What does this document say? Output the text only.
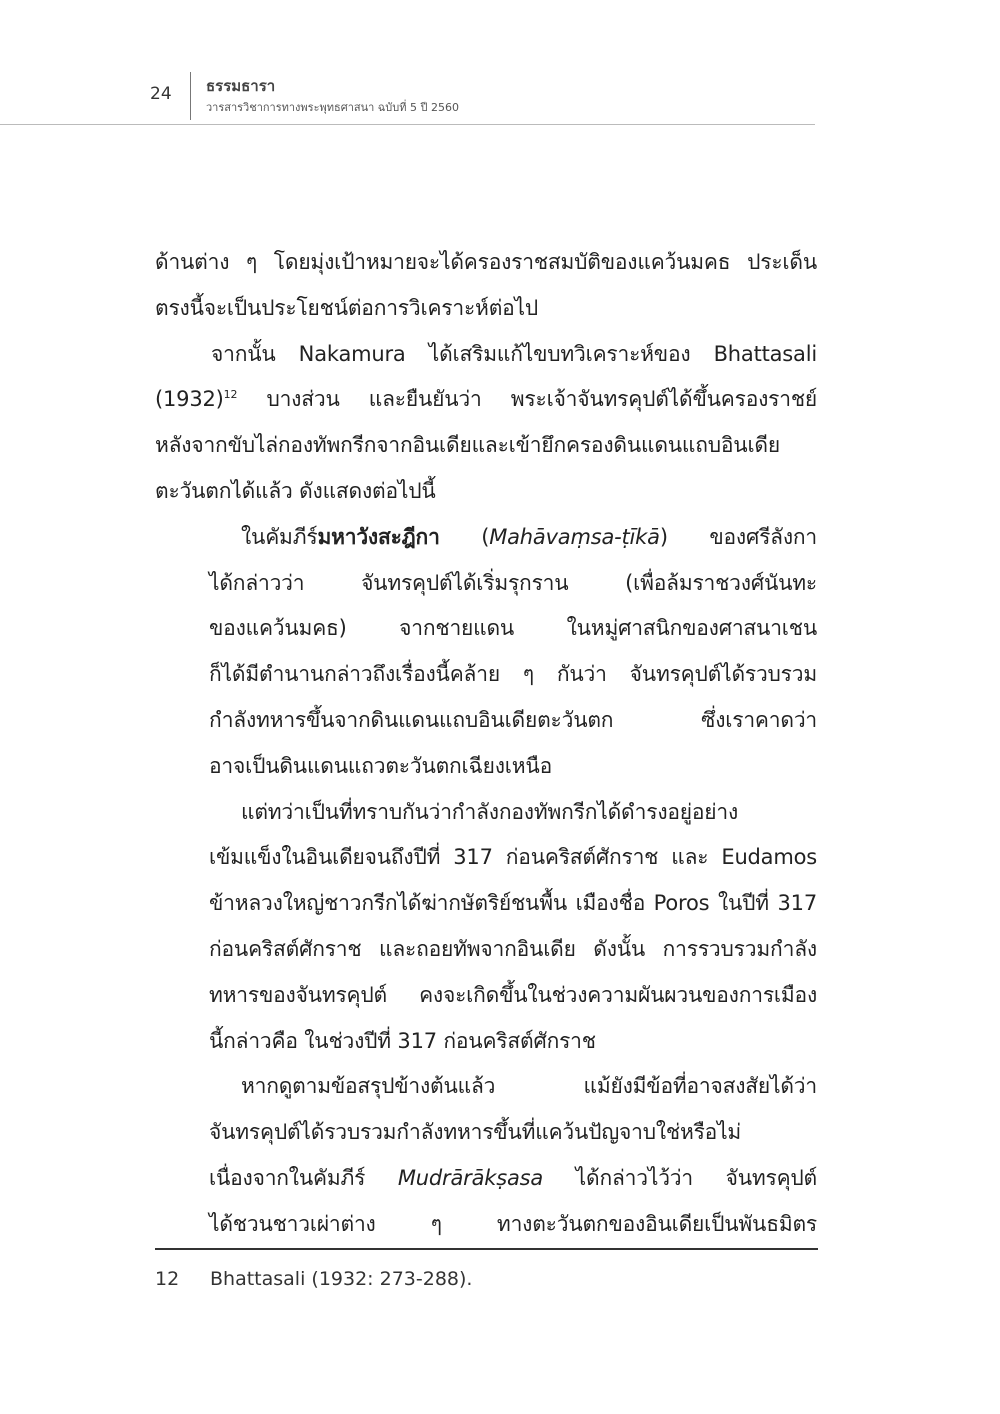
24 ธรรมธารา
วารสารวิชาการทางพระพุทธศาสนา ฉบับที่ 5 ปี 2560
ด้านต่าง ๆ โดยมุ่งเป้าหมายจะได้ครองราชสมบัติของแคว้นมคธ ประเด็น
ตรงนี้จะเป็นประโยชน์ต่อการวิเคราะห์ต่อไป
จากนั้น Nakamura ได้เสริมแก้ไขบทวิเคราะห์ของ Bhattasali
$(1932)^{12}$ บางส่วน และยืนยันว่า พระเจ้าจันทรคุปต์ได้ขึ้นครองราชย์
หลังจากขับไล่กองทัพกรีกจากอินเดียและเข้ายึกครองดินแดนแถบอินเดีย
ตะวันตกได้แล้ว ดังแสดงต่อไปนี้
ในคัมภีร์มหาวังสะฎีกา (Mahāvaṃsa-ṭīkā) ของศรีลังกา
ได้กล่าวว่า จันทรคุปต์ได้เริ่มรุกราน (เพื่อล้มราชวงศ์นันทะ
ของแคว้นมคธ) จากชายแดน ในหมู่ศาสนิกของศาสนาเชน
ก็ได้มีตำนานกล่าวถึงเรื่องนี้คล้าย ๆ กันว่า จันทรคุปต์ได้รวบรวม
กำลังทหารขึ้นจากดินแดนแถบอินเดียตะวันตก ซึ่งเราคาดว่า
อาจเป็นดินแดนแถวตะวันตกเฉียงเหนือ
แต่ทว่าเป็นที่ทราบกันว่ากำลังกองทัพกรีกได้ดำรงอยู่อย่าง
เข้มแข็งในอินเดียจนถึงปีที่ 317 ก่อนคริสต์ศักราช และ Eudamos
ข้าหลวงใหญ่ชาวกรีกได้ฆ่ากษัตริย์ชนพื้น เมืองชื่อ Poros ในปีที่ 317
ก่อนคริสต์ศักราช และถอยทัพจากอินเดีย ดังนั้น การรวบรวมกำลัง
ทหารของจันทรคุปต์ คงจะเกิดขึ้นในช่วงความผันผวนของการเมือง
นี้กล่าวคือ ในช่วงปีที่ 317 ก่อนคริสต์ศักราช
หากดูตามข้อสรุปข้างต้นแล้ว แม้ยังมีข้อที่อาจสงสัยได้ว่า
จันทรคุปต์ได้รวบรวมกำลังทหารขึ้นที่แคว้นปัญจาบใช่หรือไม่
เนื่องจากในคัมภีร์ Mudrārākṣasa ได้กล่าวไว้ว่า จันทรคุปต์
ได้ชวนชาวเผ่าต่าง ๆ ทางตะวันตกของอินเดียเป็นพันธมิตร
12 Bhattasali (1932: 273-288).
